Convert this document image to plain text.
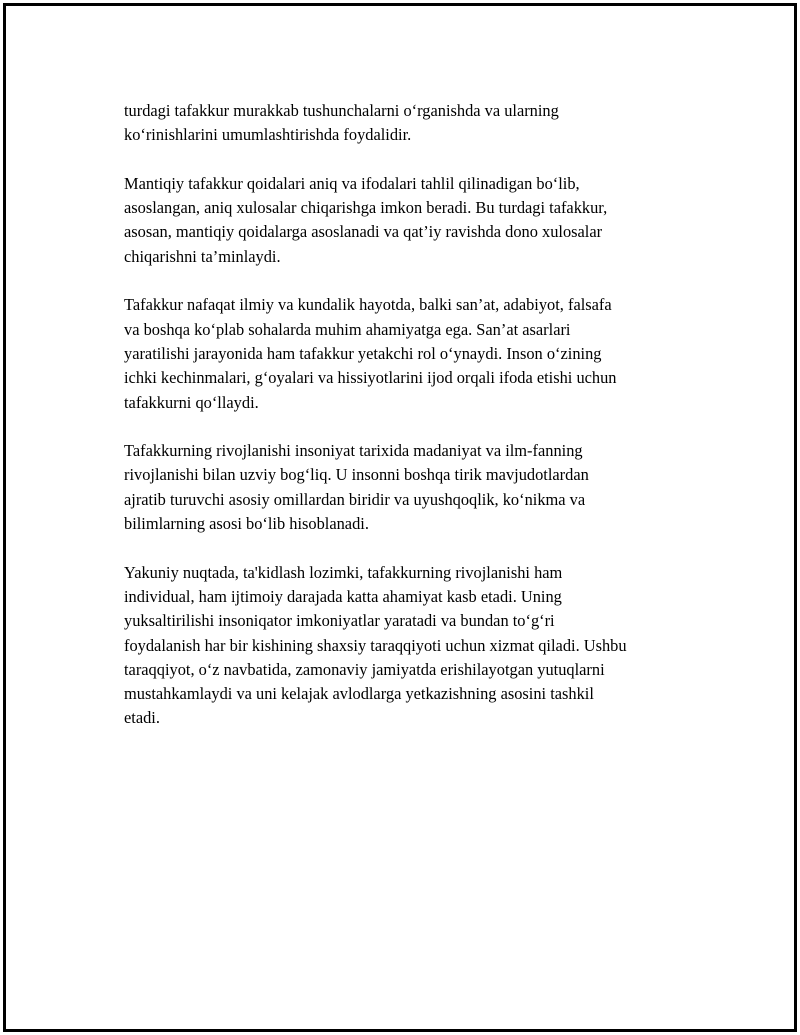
turdagi tafakkur murakkab tushunchalarni o‘rganishda va ularning
ko‘rinishlarini umumlashtirishda foydalidir.

Mantiqiy tafakkur qoidalari aniq va ifodalari tahlil qilinadigan bo‘lib,
asoslangan, aniq xulosalar chiqarishga imkon beradi. Bu turdagi tafakkur,
asosan, mantiqiy qoidalarga asoslanadi va qat’iy ravishda dono xulosalar
chiqarishni ta’minlaydi.

Tafakkur nafaqat ilmiy va kundalik hayotda, balki san’at, adabiyot, falsafa
va boshqa ko‘plab sohalarda muhim ahamiyatga ega. San’at asarlari
yaratilishi jarayonida ham tafakkur yetakchi rol o‘ynaydi. Inson o‘zining
ichki kechinmalari, g‘oyalari va hissiyotlarini ijod orqali ifoda etishi uchun
tafakkurni qo‘llaydi.

Tafakkurning rivojlanishi insoniyat tarixida madaniyat va ilm-fanning
rivojlanishi bilan uzviy bog‘liq. U insonni boshqa tirik mavjudotlardan
ajratib turuvchi asosiy omillardan biridir va uyushqoqlik, ko‘nikma va
bilimlarning asosi bo‘lib hisoblanadi.

Yakuniy nuqtada, ta'kidlash lozimki, tafakkurning rivojlanishi ham
individual, ham ijtimoiy darajada katta ahamiyat kasb etadi. Uning
yuksaltirilishi insoniqator imkoniyatlar yaratadi va bundan to‘g‘ri
foydalanish har bir kishining shaxsiy taraqqiyoti uchun xizmat qiladi. Ushbu
taraqqiyot, o‘z navbatida, zamonaviy jamiyatda erishilayotgan yutuqlarni
mustahkamlaydi va uni kelajak avlodlarga yetkazishning asosini tashkil
etadi.
